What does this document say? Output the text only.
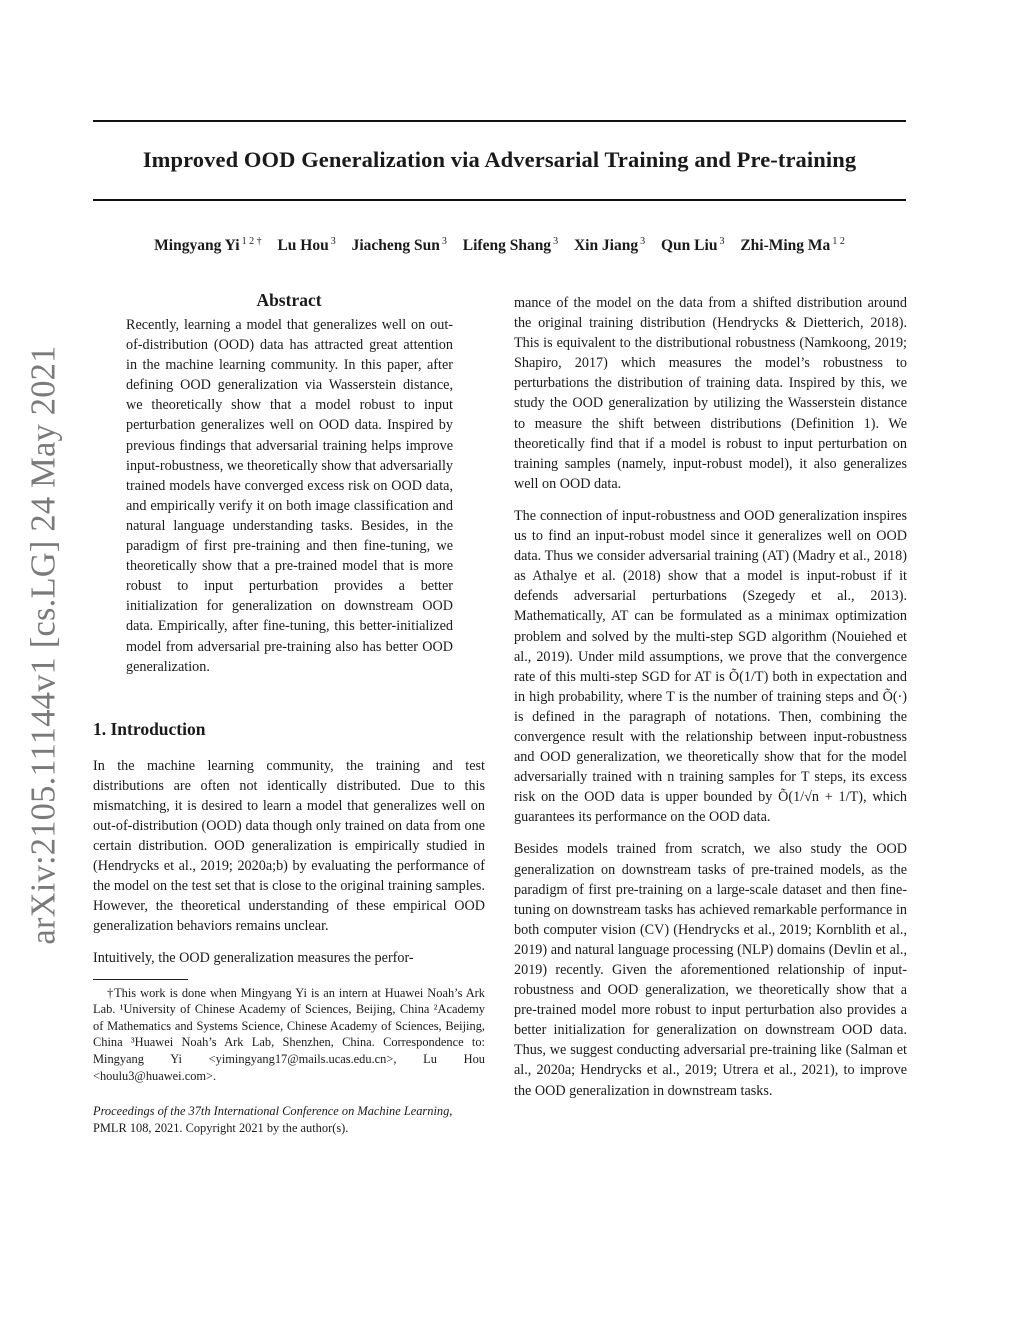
Improved OOD Generalization via Adversarial Training and Pre-training
Mingyang Yi $^{1 2 \dagger}$ Lu Hou $^3$ Jiacheng Sun $^3$ Lifeng Shang $^3$ Xin Jiang $^3$ Qun Liu $^3$ Zhi-Ming Ma $^{1 2}$
arXiv:2105.11144v1 [cs.LG] 24 May 2021
Abstract
Recently, learning a model that generalizes well on out-of-distribution (OOD) data has attracted great attention in the machine learning community. In this paper, after defining OOD generalization via Wasserstein distance, we theoretically show that a model robust to input perturbation generalizes well on OOD data. Inspired by previous findings that adversarial training helps improve input-robustness, we theoretically show that adversarially trained models have converged excess risk on OOD data, and empirically verify it on both image classification and natural language understanding tasks. Besides, in the paradigm of first pre-training and then fine-tuning, we theoretically show that a pre-trained model that is more robust to input perturbation provides a better initialization for generalization on downstream OOD data. Empirically, after fine-tuning, this better-initialized model from adversarial pre-training also has better OOD generalization.
1. Introduction

In the machine learning community, the training and test distributions are often not identically distributed. Due to this mismatching, it is desired to learn a model that generalizes well on out-of-distribution (OOD) data though only trained on data from one certain distribution. OOD generalization is empirically studied in (Hendrycks et al., 2019; 2020a;b) by evaluating the performance of the model on the test set that is close to the original training samples. However, the theoretical understanding of these empirical OOD generalization behaviors remains unclear.

Intuitively, the OOD generalization measures the perfor-

†This work is done when Mingyang Yi is an intern at Huawei Noah’s Ark Lab. ¹University of Chinese Academy of Sciences, Beijing, China ²Academy of Mathematics and Systems Science, Chinese Academy of Sciences, Beijing, China ³Huawei Noah’s Ark Lab, Shenzhen, China. Correspondence to: Mingyang Yi <yimingyang17@mails.ucas.edu.cn>, Lu Hou <houlu3@huawei.com>.

Proceedings of the 37th International Conference on Machine Learning, PMLR 108, 2021. Copyright 2021 by the author(s).

mance of the model on the data from a shifted distribution around the original training distribution (Hendrycks & Dietterich, 2018). This is equivalent to the distributional robustness (Namkoong, 2019; Shapiro, 2017) which measures the model’s robustness to perturbations the distribution of training data. Inspired by this, we study the OOD generalization by utilizing the Wasserstein distance to measure the shift between distributions (Definition 1). We theoretically find that if a model is robust to input perturbation on training samples (namely, input-robust model), it also generalizes well on OOD data.

The connection of input-robustness and OOD generalization inspires us to find an input-robust model since it generalizes well on OOD data. Thus we consider adversarial training (AT) (Madry et al., 2018) as Athalye et al. (2018) show that a model is input-robust if it defends adversarial perturbations (Szegedy et al., 2013). Mathematically, AT can be formulated as a minimax optimization problem and solved by the multi-step SGD algorithm (Nouiehed et al., 2019). Under mild assumptions, we prove that the convergence rate of this multi-step SGD for AT is Õ(1/T) both in expectation and in high probability, where T is the number of training steps and Õ(·) is defined in the paragraph of notations. Then, combining the convergence result with the relationship between input-robustness and OOD generalization, we theoretically show that for the model adversarially trained with n training samples for T steps, its excess risk on the OOD data is upper bounded by Õ(1/√n + 1/T), which guarantees its performance on the OOD data.

Besides models trained from scratch, we also study the OOD generalization on downstream tasks of pre-trained models, as the paradigm of first pre-training on a large-scale dataset and then fine-tuning on downstream tasks has achieved remarkable performance in both computer vision (CV) (Hendrycks et al., 2019; Kornblith et al., 2019) and natural language processing (NLP) domains (Devlin et al., 2019) recently. Given the aforementioned relationship of input-robustness and OOD generalization, we theoretically show that a pre-trained model more robust to input perturbation also provides a better initialization for generalization on downstream OOD data. Thus, we suggest conducting adversarial pre-training like (Salman et al., 2020a; Hendrycks et al., 2019; Utrera et al., 2021), to improve the OOD generalization in downstream tasks.
